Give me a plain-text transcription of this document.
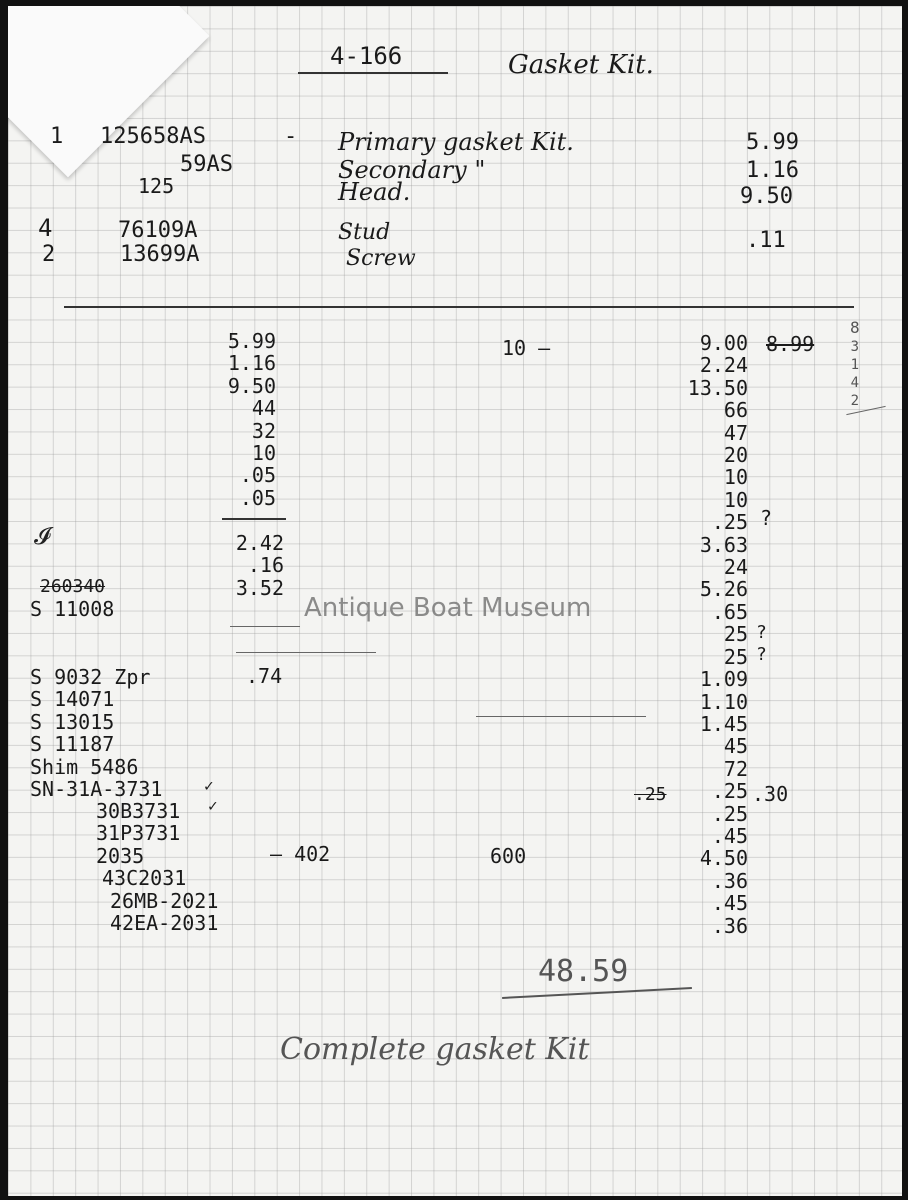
4-166	Gasket Kit.
1 125658AS	- Primary gasket Kit.	5.99
59AS	Secondary "	1.16
125	Head.	9.50
4	76109A	Stud	.11
2	13699A	Screw
5.99
1.16
9.50
44
32
10
.05
.05
2.42
.16
3.52
.74
𝓘
260340
S 11008
S 9032 Zpr
S 14071
S 13015
S 11187
Shim 5486
SN-31A-3731
30B3731
31P3731
2035
43C2031
26MB-2021
42EA-2031
✓
✓
10 —
— 402	600
9.00
2.24
13.50
66
47
20
10
10
.25
3.63
24
5.26
.65
25
25
1.09
1.10
1.45
45
72
.25
.25
.45
4.50
.36
.45
.36
8.99
?
?
?
.25	.30
8
3
1
4
2
48.59
Complete gasket Kit
Antique Boat Museum
